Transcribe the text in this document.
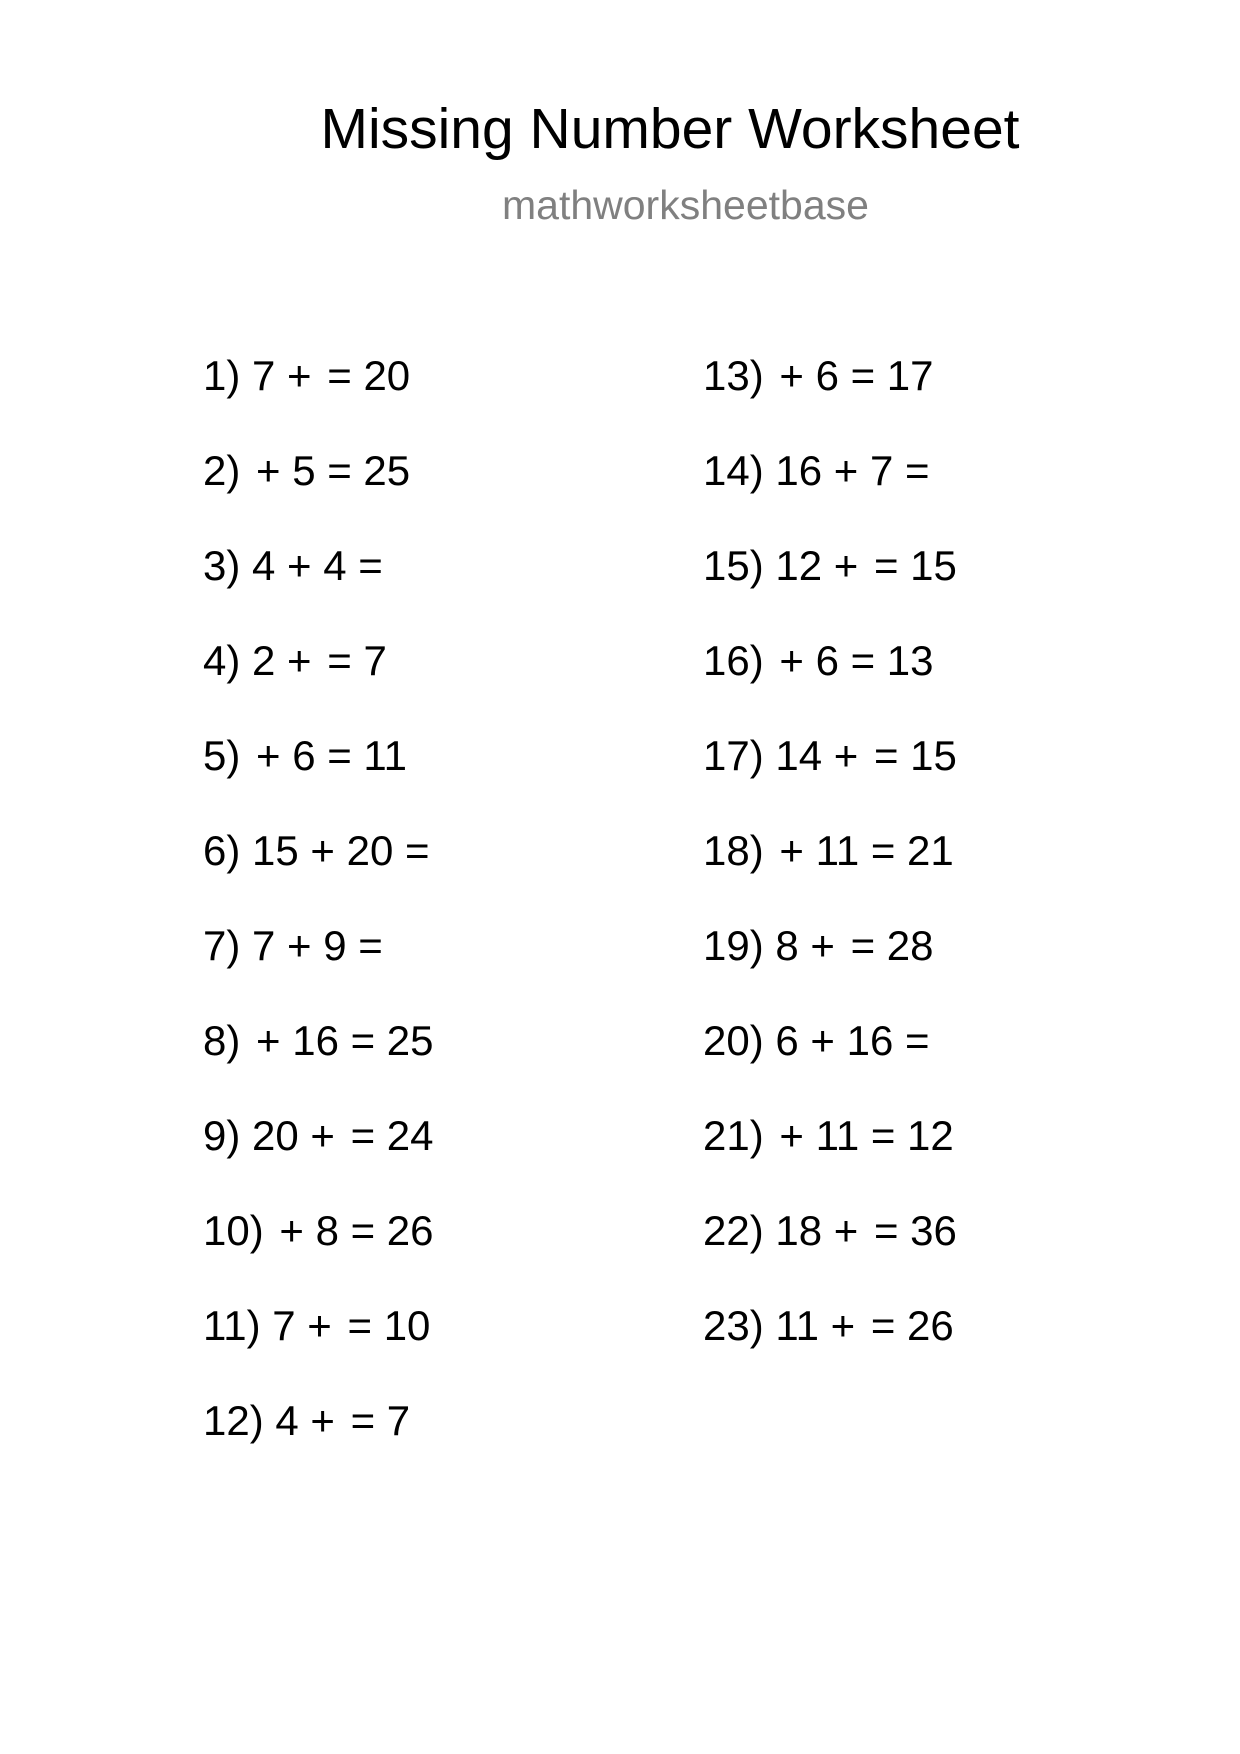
Missing Number Worksheet
mathworksheetbase
1) 7 + = 20
2) + 5 = 25
3) 4 + 4 =
4) 2 + = 7
5) + 6 = 11
6) 15 + 20 =
7) 7 + 9 =
8) + 16 = 25
9) 20 + = 24
10) + 8 = 26
11) 7 + = 10
12) 4 + = 7
13) + 6 = 17
14) 16 + 7 =
15) 12 + = 15
16) + 6 = 13
17) 14 + = 15
18) + 11 = 21
19) 8 + = 28
20) 6 + 16 =
21) + 11 = 12
22) 18 + = 36
23) 11 + = 26
